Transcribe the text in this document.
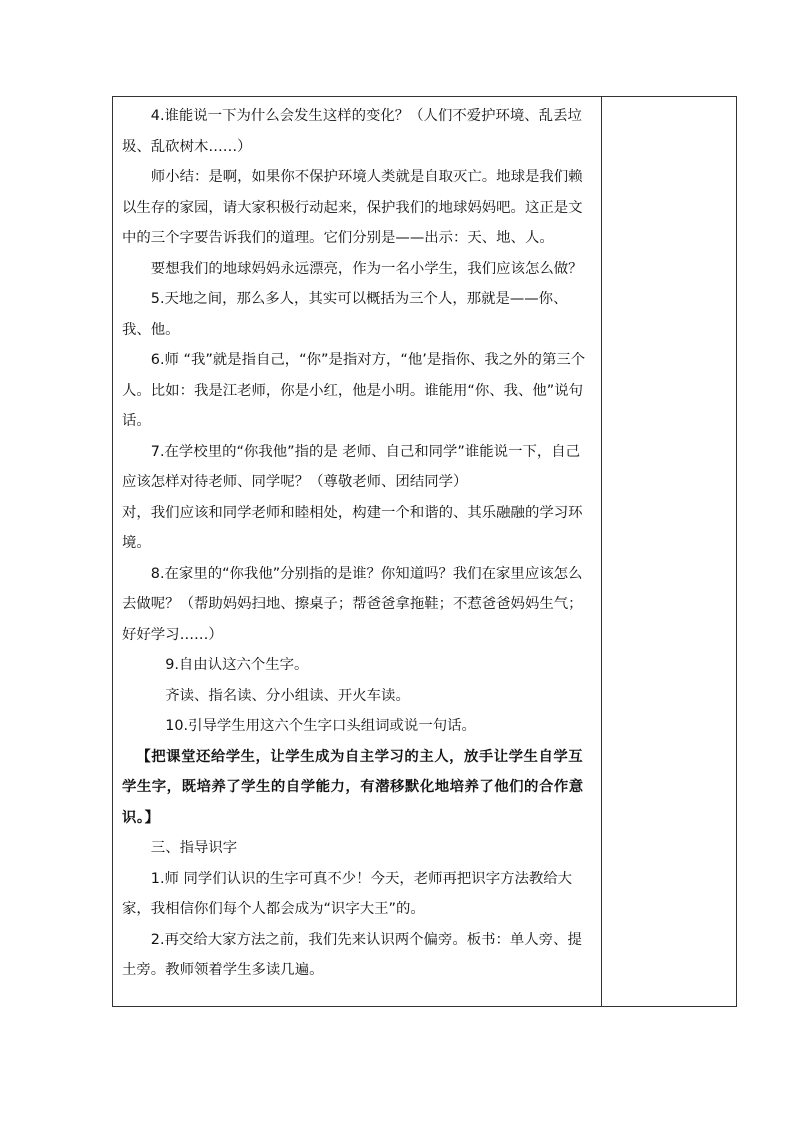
4.谁能说一下为什么会发生这样的变化？（人们不爱护环境、乱丢垃圾、乱砍树木……）

师小结：是啊，如果你不保护环境人类就是自取灭亡。地球是我们赖以生存的家园，请大家积极行动起来，保护我们的地球妈妈吧。这正是文中的三个字要告诉我们的道理。它们分别是——出示：天、地、人。

要想我们的地球妈妈永远漂亮，作为一名小学生，我们应该怎么做？

5.天地之间，那么多人，其实可以概括为三个人，那就是——你、我、他。

6.师 “我”就是指自己，“你”是指对方，“他’是指你、我之外的第三个人。比如：我是江老师，你是小红，他是小明。谁能用“你、我、他”说句话。

7.在学校里的“你我他”指的是 老师、自己和同学”谁能说一下，自己应该怎样对待老师、同学呢？（尊敬老师、团结同学）

对，我们应该和同学老师和睦相处，构建一个和谐的、其乐融融的学习环境。

8.在家里的“你我他”分别指的是谁？你知道吗？我们在家里应该怎么去做呢？（帮助妈妈扫地、擦桌子；帮爸爸拿拖鞋；不惹爸爸妈妈生气；好好学习……）

9.自由认这六个生字。

齐读、指名读、分小组读、开火车读。

10.引导学生用这六个生字口头组词或说一句话。

【把课堂还给学生，让学生成为自主学习的主人，放手让学生自学互学生字，既培养了学生的自学能力，有潜移默化地培养了他们的合作意识。】

三、指导识字

1.师 同学们认识的生字可真不少！今天，老师再把识字方法教给大家，我相信你们每个人都会成为“识字大王”的。

2.再交给大家方法之前，我们先来认识两个偏旁。板书：单人旁、提土旁。教师领着学生多读几遍。
